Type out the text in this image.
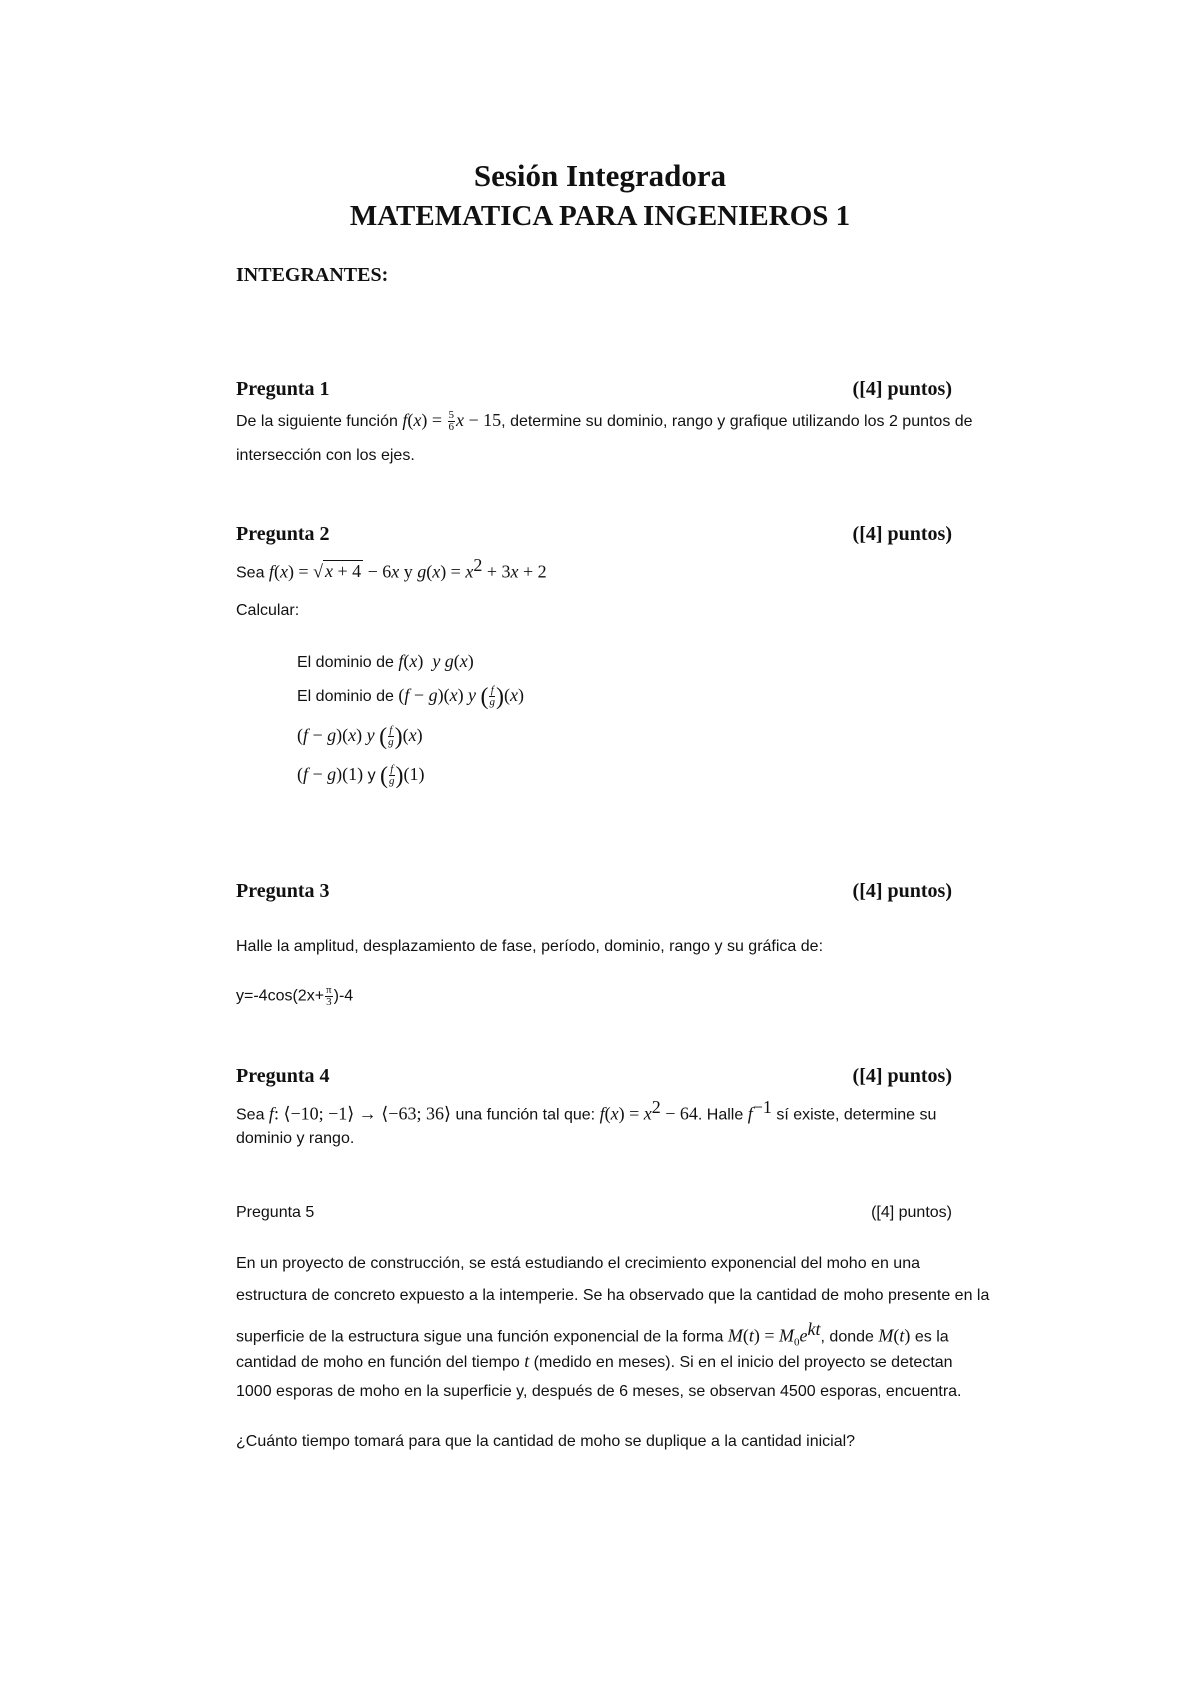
Sesión Integradora
MATEMATICA PARA INGENIEROS 1
INTEGRANTES:
Pregunta 1	([4] puntos)
De la siguiente función $f(x) = \frac{5}{6}$ x − 15, determine su dominio, rango y grafique utilizando los 2 puntos de
intersección con los ejes.
Pregunta 2	([4] puntos)
Sea f(x) = √ x + 4 − 6x y $g(x) = x^2 + 3x + 2$
Calcular:
El dominio de f(x) y g(x)
El dominio de (f − g)(x) y ( $\frac{f}{g} )(x)$
(f − g)(x) y ( $\frac{f}{g} )(x)$
(f − g)(1) y ( $\frac{f}{g} )(1)$
Pregunta 3	([4] puntos)
Halle la amplitud, desplazamiento de fase, período, dominio, rango y su gráfica de:
$y=-4\cos(2x+ \frac{\pi}{3} )-4$
Pregunta 4	([4] puntos)
Sea f: ⟨−10; −1⟩ → ⟨−63; 36⟩ una función tal que: $f(x) = x^2 - 64$. Halle $f^{-1}$ sí existe, determine su
dominio y rango.
Pregunta 5	([4] puntos)
En un proyecto de construcción, se está estudiando el crecimiento exponencial del moho en una
estructura de concreto expuesto a la intemperie. Se ha observado que la cantidad de moho presente en la
superficie de la estructura sigue una función exponencial de la forma $M(t) = M_0e^{kt}$, donde M(t) es la
cantidad de moho en función del tiempo t (medido en meses). Si en el inicio del proyecto se detectan
1000 esporas de moho en la superficie y, después de 6 meses, se observan 4500 esporas, encuentra.
¿Cuánto tiempo tomará para que la cantidad de moho se duplique a la cantidad inicial?
